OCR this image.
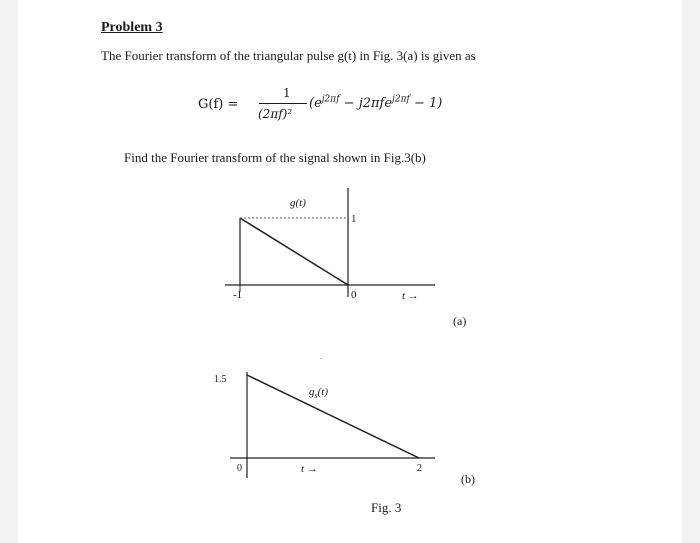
Problem 3
The Fourier transform of the triangular pulse g(t) in Fig. 3(a) is given as
G(f) =
1
(2πf)²
$(e^{j2\pi f} - j2\pi fe^{j2\pi f} - 1)$
Find the Fourier transform of the signal shown in Fig.3(b)
g(t)
1
-1	0	t →
(a)
1.5
$g_s(t)$
0	2
t →
(b)
Fig. 3
